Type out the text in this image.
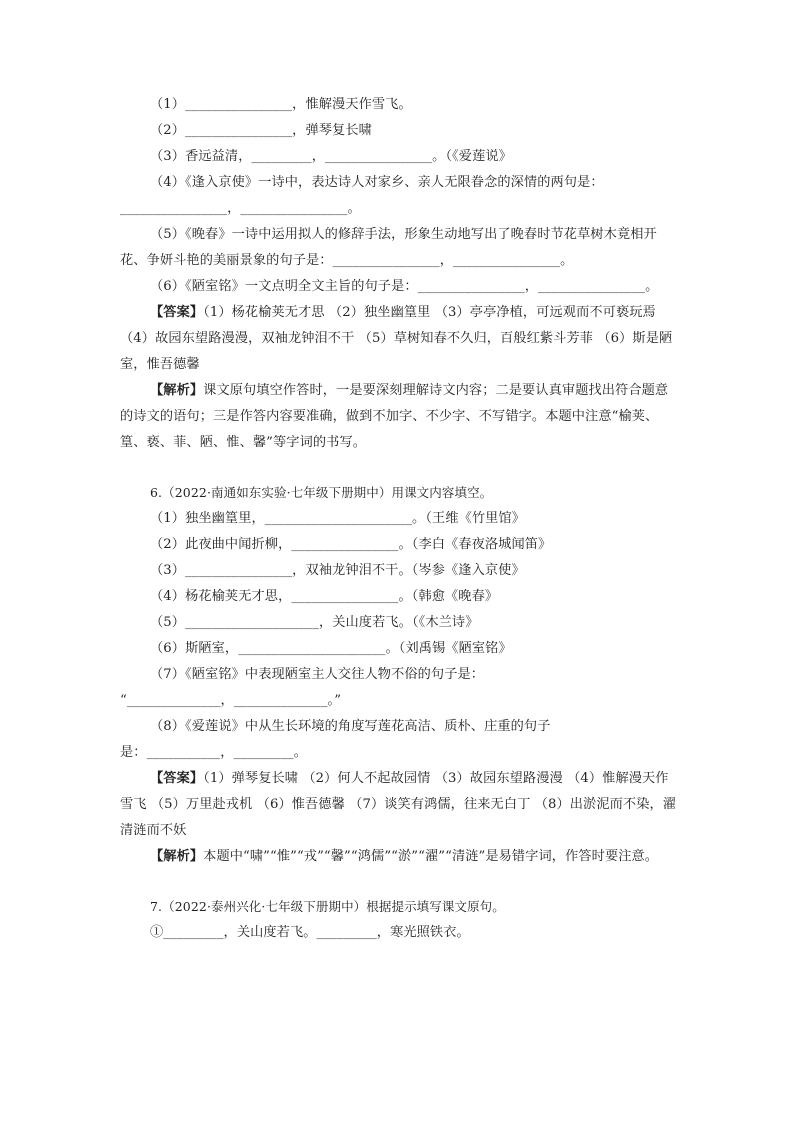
（1）________________，惟解漫天作雪飞。
（2）________________，弹琴复长啸
（3）香远益清，_________，________________。（《爱莲说》
（4）《逢入京使》一诗中，表达诗人对家乡、亲人无限眷念的深情的两句是：
________________，________________。
（5）《晚春》一诗中运用拟人的修辞手法，形象生动地写出了晚春时节花草树木竟相开花、争妍斗艳的美丽景象的句子是：________________，________________。
（6）《陋室铭》一文点明全文主旨的句子是：________________，________________。
【答案】（1）杨花榆荚无才思 （2）独坐幽篁里 （3）亭亭净植，可远观而不可亵玩焉 （4）故园东望路漫漫，双袖龙钟泪不干 （5）草树知春不久归，百般红紫斗芳菲 （6）斯是陋室，惟吾德馨
【解析】课文原句填空作答时，一是要深刻理解诗文内容；二是要认真审题找出符合题意的诗文的语句；三是作答内容要准确，做到不加字、不少字、不写错字。本题中注意“榆荚、篁、亵、菲、陋、惟、馨”等字词的书写。
6.（2022·南通如东实验·七年级下册期中）用课文内容填空。
（1）独坐幽篁里，______________________。（王维《竹里馆》
（2）此夜曲中闻折柳，________________。（李白《春夜洛城闻笛》
（3）________________，双袖龙钟泪不干。（岑参《逢入京使》
（4）杨花榆荚无才思，________________。（韩愈《晚春》
（5）____________________，关山度若飞。（《木兰诗》
（6）斯陋室，______________________。（刘禹锡《陋室铭》
（7）《陋室铭》中表现陋室主人交往人物不俗的句子是：
“______________，______________。”
（8）《爱莲说》中从生长环境的角度写莲花高洁、质朴、庄重的句子
是：___________，_________。
【答案】（1）弹琴复长啸 （2）何人不起故园情 （3）故园东望路漫漫 （4）惟解漫天作雪飞 （5）万里赴戎机 （6）惟吾德馨 （7）谈笑有鸿儒，往来无白丁 （8）出淤泥而不染，濯清涟而不妖
【解析】本题中“啸”“惟”“戎”“馨”“鸿儒”“淤”“濯”“清涟”是易错字词，作答时要注意。
7.（2022·泰州兴化·七年级下册期中）根据提示填写课文原句。
①_________，关山度若飞。_________，寒光照铁衣。
